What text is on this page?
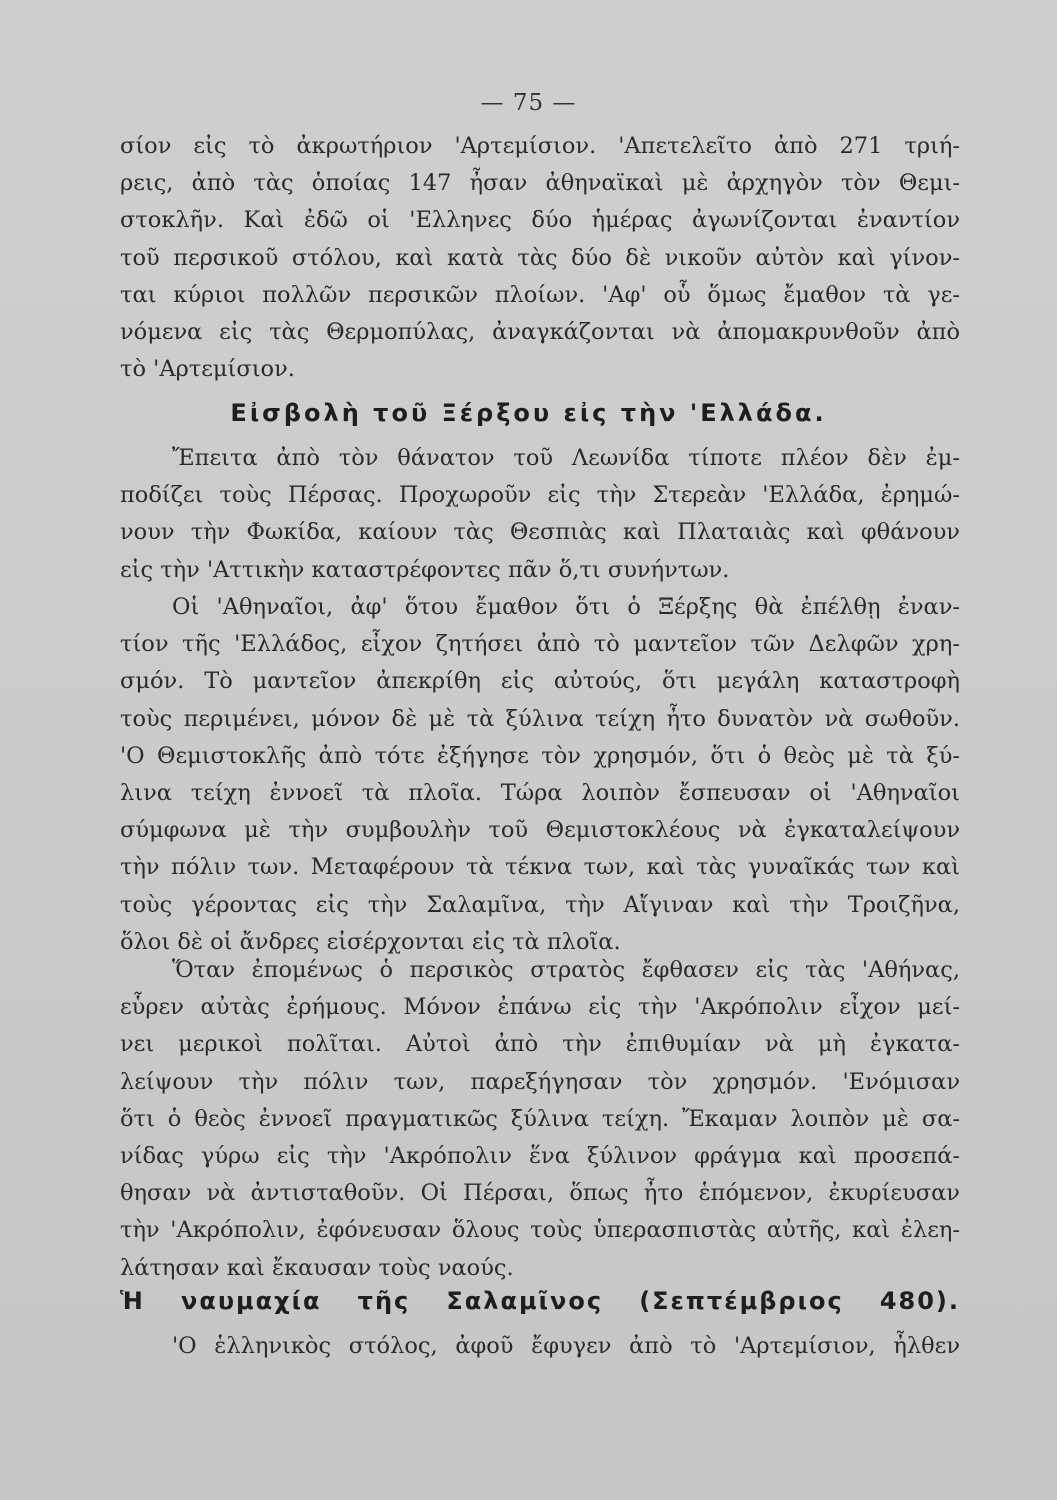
— 75 —
σίον εἰς τὸ ἀκρωτήριον 'Αρτεμίσιον. 'Απετελεῖτο ἀπὸ 271 τριή-
ρεις, ἀπὸ τὰς ὁποίας 147 ἦσαν ἀθηναϊκαὶ μὲ ἀρχηγὸν τὸν Θεμι-
στοκλῆν. Καὶ ἐδῶ οἱ 'Ελληνες δύο ἡμέρας ἀγωνίζονται ἐναντίον
τοῦ περσικοῦ στόλου, καὶ κατὰ τὰς δύο δὲ νικοῦν αὐτὸν καὶ γίνον-
ται κύριοι πολλῶν περσικῶν πλοίων. 'Αφ' οὗ ὅμως ἔμαθον τὰ γε-
νόμενα εἰς τὰς Θερμοπύλας, ἀναγκάζονται νὰ ἀπομακρυνθοῦν ἀπὸ
τὸ 'Αρτεμίσιον.
Εἰσβολὴ τοῦ Ξέρξου εἰς τὴν 'Ελλάδα.
Ἔπειτα ἀπὸ τὸν θάνατον τοῦ Λεωνίδα τίποτε πλέον δὲν ἐμ-
ποδίζει τοὺς Πέρσας. Προχωροῦν εἰς τὴν Στερεὰν 'Ελλάδα, ἐρημώ-
νουν τὴν Φωκίδα, καίουν τὰς Θεσπιὰς καὶ Πλαταιὰς καὶ φθάνουν
εἰς τὴν 'Αττικὴν καταστρέφοντες πᾶν ὅ,τι συνήντων.
Οἱ 'Αθηναῖοι, ἀφ' ὅτου ἔμαθον ὅτι ὁ Ξέρξης θὰ ἐπέλθῃ ἐναν-
τίον τῆς 'Ελλάδος, εἶχον ζητήσει ἀπὸ τὸ μαντεῖον τῶν Δελφῶν χρη-
σμόν. Τὸ μαντεῖον ἀπεκρίθη εἰς αὐτούς, ὅτι μεγάλη καταστροφὴ
τοὺς περιμένει, μόνον δὲ μὲ τὰ ξύλινα τείχη ἦτο δυνατὸν νὰ σωθοῦν.
'Ο Θεμιστοκλῆς ἀπὸ τότε ἐξήγησε τὸν χρησμόν, ὅτι ὁ θεὸς μὲ τὰ ξύ-
λινα τείχη ἐννοεῖ τὰ πλοῖα. Τώρα λοιπὸν ἔσπευσαν οἱ 'Αθηναῖοι
σύμφωνα μὲ τὴν συμβουλὴν τοῦ Θεμιστοκλέους νὰ ἐγκαταλείψουν
τὴν πόλιν των. Μεταφέρουν τὰ τέκνα των, καὶ τὰς γυναῖκάς των καὶ
τοὺς γέροντας εἰς τὴν Σαλαμῖνα, τὴν Αἴγιναν καὶ τὴν Τροιζῆνα,
ὅλοι δὲ οἱ ἄνδρες εἰσέρχονται εἰς τὰ πλοῖα.
Ὅταν ἐπομένως ὁ περσικὸς στρατὸς ἔφθασεν εἰς τὰς 'Αθήνας,
εὗρεν αὐτὰς ἐρήμους. Μόνον ἐπάνω εἰς τὴν 'Ακρόπολιν εἶχον μεί-
νει μερικοὶ πολῖται. Αὐτοὶ ἀπὸ τὴν ἐπιθυμίαν νὰ μὴ ἐγκατα-
λείψουν τὴν πόλιν των, παρεξήγησαν τὸν χρησμόν. 'Ενόμισαν
ὅτι ὁ θεὸς ἐννοεῖ πραγματικῶς ξύλινα τείχη. Ἔκαμαν λοιπὸν μὲ σα-
νίδας γύρω εἰς τὴν 'Ακρόπολιν ἕνα ξύλινον φράγμα καὶ προσεπά-
θησαν νὰ ἀντισταθοῦν. Οἱ Πέρσαι, ὅπως ἦτο ἑπόμενον, ἐκυρίευσαν
τὴν 'Ακρόπολιν, ἐφόνευσαν ὅλους τοὺς ὑπερασπιστὰς αὐτῆς, καὶ ἐλεη-
λάτησαν καὶ ἔκαυσαν τοὺς ναούς.
Ἡ ναυμαχία τῆς Σαλαμῖνος (Σεπτέμβριος 480).
'Ο ἑλληνικὸς στόλος, ἀφοῦ ἔφυγεν ἀπὸ τὸ 'Αρτεμίσιον, ἦλθεν
